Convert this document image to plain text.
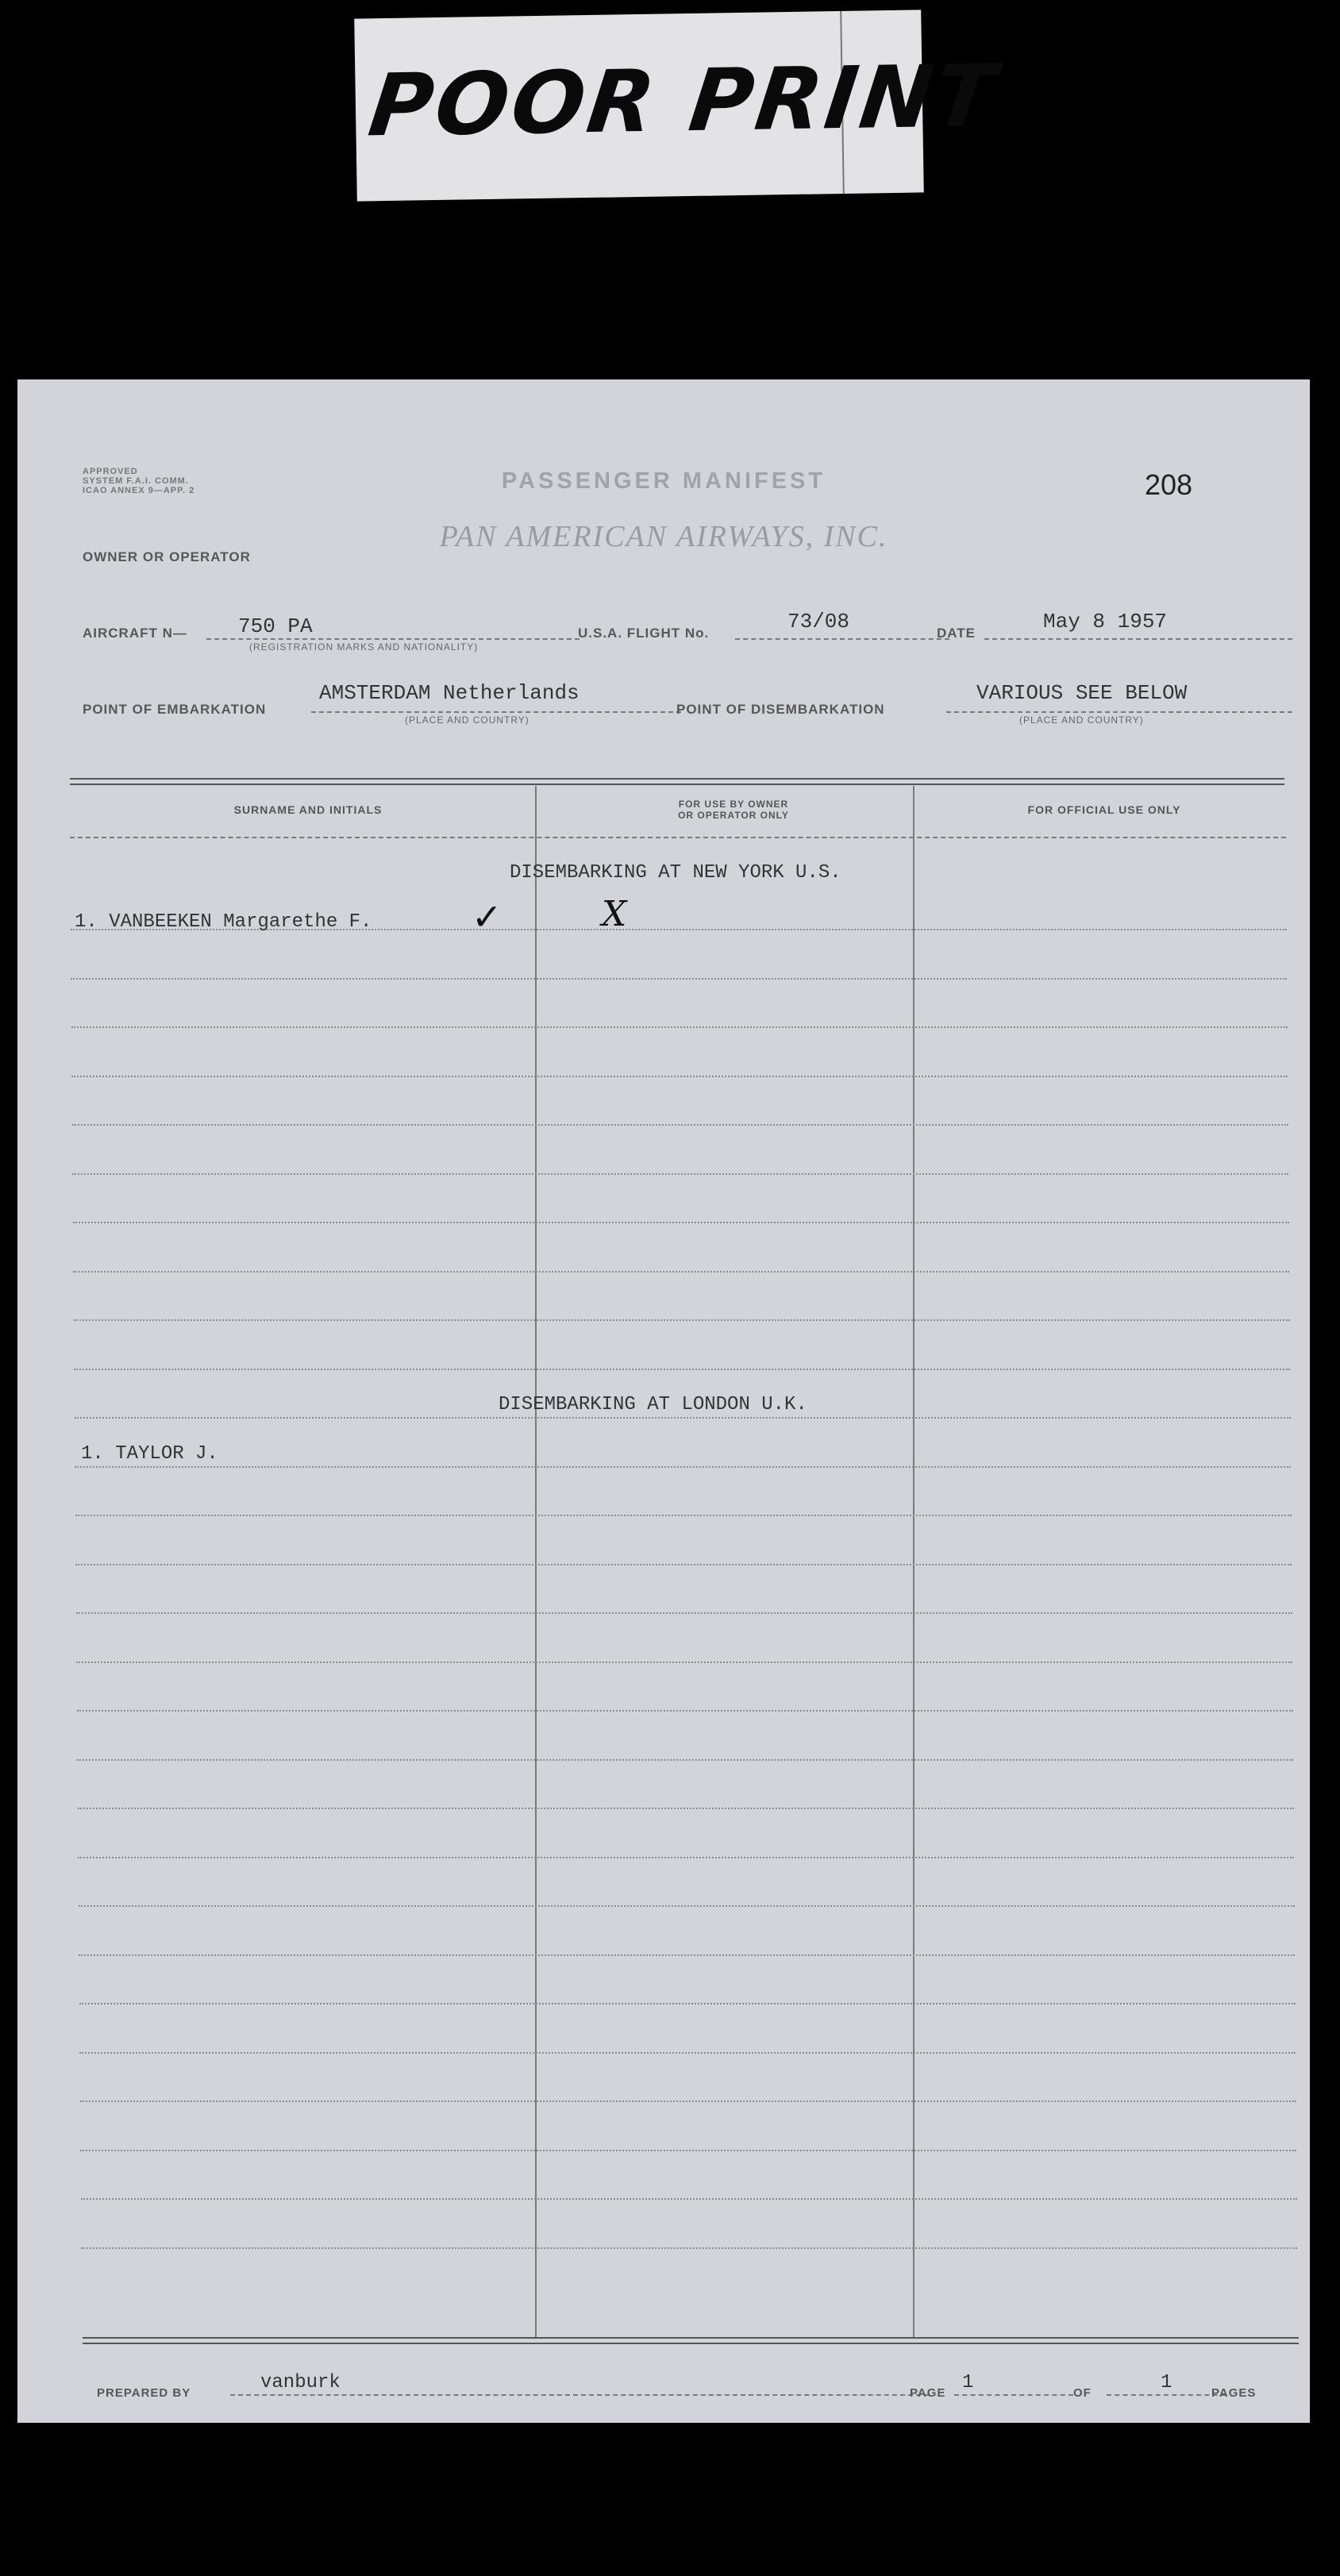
POOR PRINT
APPROVED
SYSTEM F.A.I. COMM.
ICAO ANNEX 9—APP. 2	PASSENGER MANIFEST
PAN AMERICAN AIRWAYS, INC.
208
OWNER OR OPERATOR
AIRCRAFT N— 750 PA
(REGISTRATION MARKS AND NATIONALITY)
U.S.A. FLIGHT No.	73/08	DATE	May 8 1957
POINT OF EMBARKATION
AMSTERDAM Netherlands
(PLACE AND COUNTRY)
POINT OF DISEMBARKATION
VARIOUS SEE BELOW
(PLACE AND COUNTRY)
SURNAME AND INITIALS	FOR USE BY OWNER
OR OPERATOR ONLY	FOR OFFICIAL USE ONLY
DISEMBARKING AT NEW YORK U.S.
1. VANBEEKEN Margarethe F.	✓	X
DISEMBARKING AT LONDON U.K.
1. TAYLOR J.
PREPARED BY	vanburk	PAGE 1	OF	1	PAGES
